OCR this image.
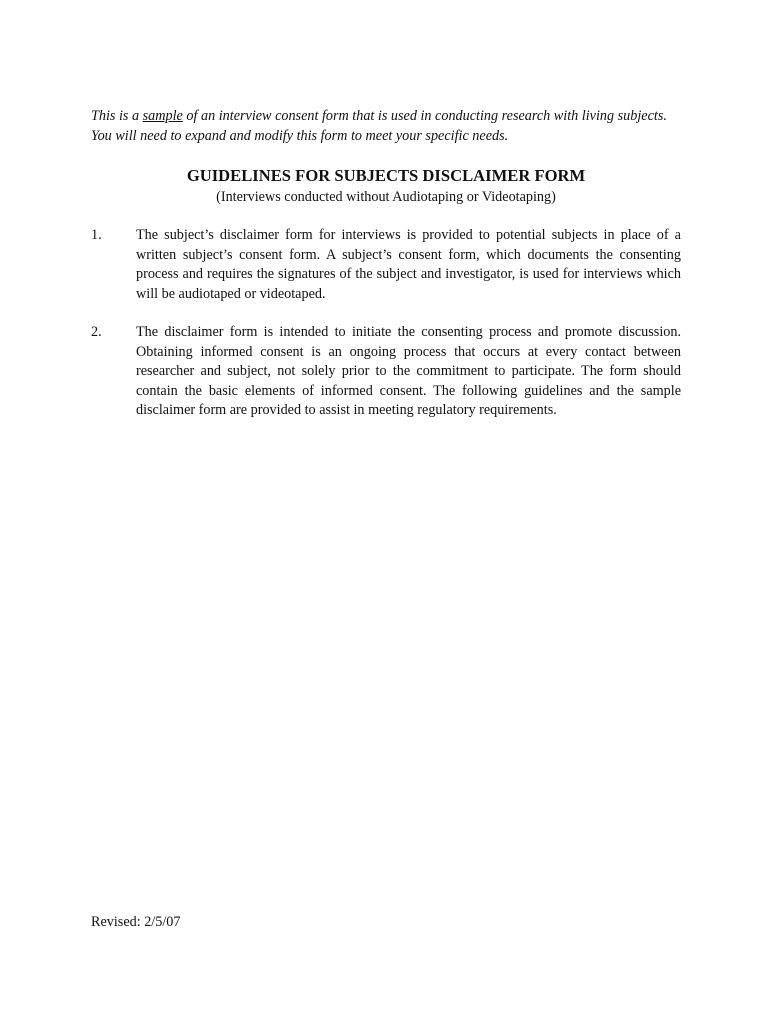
This is a sample of an interview consent form that is used in conducting research with living subjects. You will need to expand and modify this form to meet your specific needs.
GUIDELINES FOR SUBJECTS DISCLAIMER FORM
(Interviews conducted without Audiotaping or Videotaping)
1. The subject’s disclaimer form for interviews is provided to potential subjects in place of a written subject’s consent form. A subject’s consent form, which documents the consenting process and requires the signatures of the subject and investigator, is used for interviews which will be audiotaped or videotaped.
2. The disclaimer form is intended to initiate the consenting process and promote discussion. Obtaining informed consent is an ongoing process that occurs at every contact between researcher and subject, not solely prior to the commitment to participate. The form should contain the basic elements of informed consent. The following guidelines and the sample disclaimer form are provided to assist in meeting regulatory requirements.
Revised: 2/5/07
